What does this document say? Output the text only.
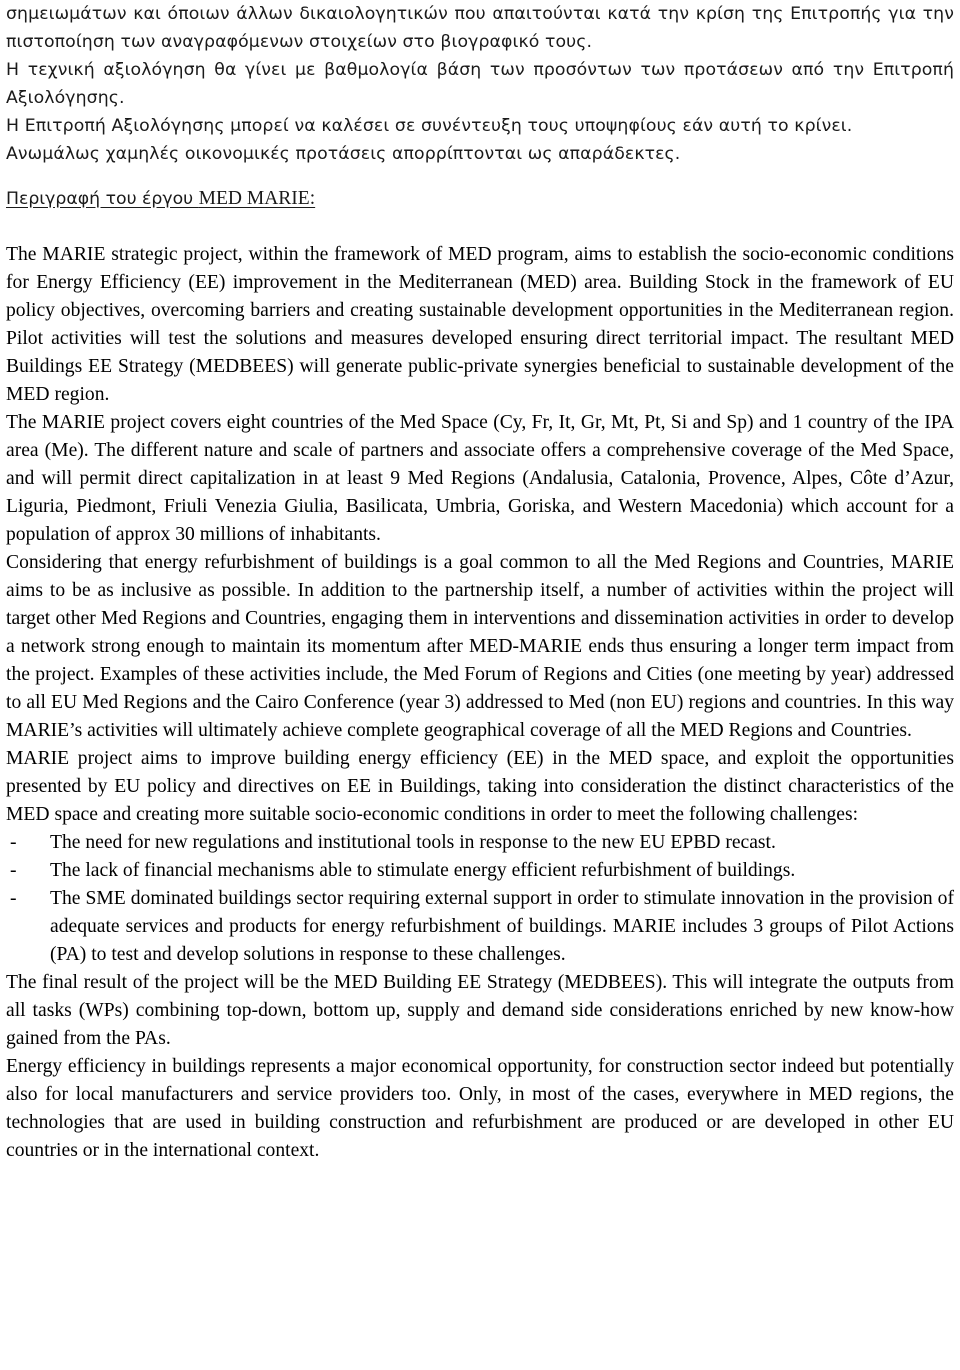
σημειωμάτων και όποιων άλλων δικαιολογητικών που απαιτούνται κατά την κρίση της Επιτροπής για την πιστοποίηση των αναγραφόμενων στοιχείων στο βιογραφικό τους.

Η τεχνική αξιολόγηση θα γίνει με βαθμολογία βάση των προσόντων των προτάσεων από την Επιτροπή Αξιολόγησης.

Η Επιτροπή Αξιολόγησης μπορεί να καλέσει σε συνέντευξη τους υποψηφίους εάν αυτή το κρίνει.

Ανωμάλως χαμηλές οικονομικές προτάσεις απορρίπτονται ως απαράδεκτες.

Περιγραφή του έργου MED MARIE:

The MARIE strategic project, within the framework of MED program, aims to establish the socio-economic conditions for Energy Efficiency (EE) improvement in the Mediterranean (MED) area. Building Stock in the framework of EU policy objectives, overcoming barriers and creating sustainable development opportunities in the Mediterranean region. Pilot activities will test the solutions and measures developed ensuring direct territorial impact. The resultant MED Buildings EE Strategy (MEDBEES) will generate public-private synergies beneficial to sustainable development of the MED region.

The MARIE project covers eight countries of the Med Space (Cy, Fr, It, Gr, Mt, Pt, Si and Sp) and 1 country of the IPA area (Me). The different nature and scale of partners and associate offers a comprehensive coverage of the Med Space, and will permit direct capitalization in at least 9 Med Regions (Andalusia, Catalonia, Provence, Alpes, Côte d’Azur, Liguria, Piedmont, Friuli Venezia Giulia, Basilicata, Umbria, Goriska, and Western Macedonia) which account for a population of approx 30 millions of inhabitants.

Considering that energy refurbishment of buildings is a goal common to all the Med Regions and Countries, MARIE aims to be as inclusive as possible. In addition to the partnership itself, a number of activities within the project will target other Med Regions and Countries, engaging them in interventions and dissemination activities in order to develop a network strong enough to maintain its momentum after MED-MARIE ends thus ensuring a longer term impact from the project. Examples of these activities include, the Med Forum of Regions and Cities (one meeting by year) addressed to all EU Med Regions and the Cairo Conference (year 3) addressed to Med (non EU) regions and countries. In this way MARIE’s activities will ultimately achieve complete geographical coverage of all the MED Regions and Countries.

MARIE project aims to improve building energy efficiency (EE) in the MED space, and exploit the opportunities presented by EU policy and directives on EE in Buildings, taking into consideration the distinct characteristics of the MED space and creating more suitable socio-economic conditions in order to meet the following challenges:

- The need for new regulations and institutional tools in response to the new EU EPBD recast.
- The lack of financial mechanisms able to stimulate energy efficient refurbishment of buildings.
- The SME dominated buildings sector requiring external support in order to stimulate innovation in the provision of adequate services and products for energy refurbishment of buildings. MARIE includes 3 groups of Pilot Actions (PA) to test and develop solutions in response to these challenges.

The final result of the project will be the MED Building EE Strategy (MEDBEES). This will integrate the outputs from all tasks (WPs) combining top-down, bottom up, supply and demand side considerations enriched by new know-how gained from the PAs.

Energy efficiency in buildings represents a major economical opportunity, for construction sector indeed but potentially also for local manufacturers and service providers too. Only, in most of the cases, everywhere in MED regions, the technologies that are used in building construction and refurbishment are produced or are developed in other EU countries or in the international context.
